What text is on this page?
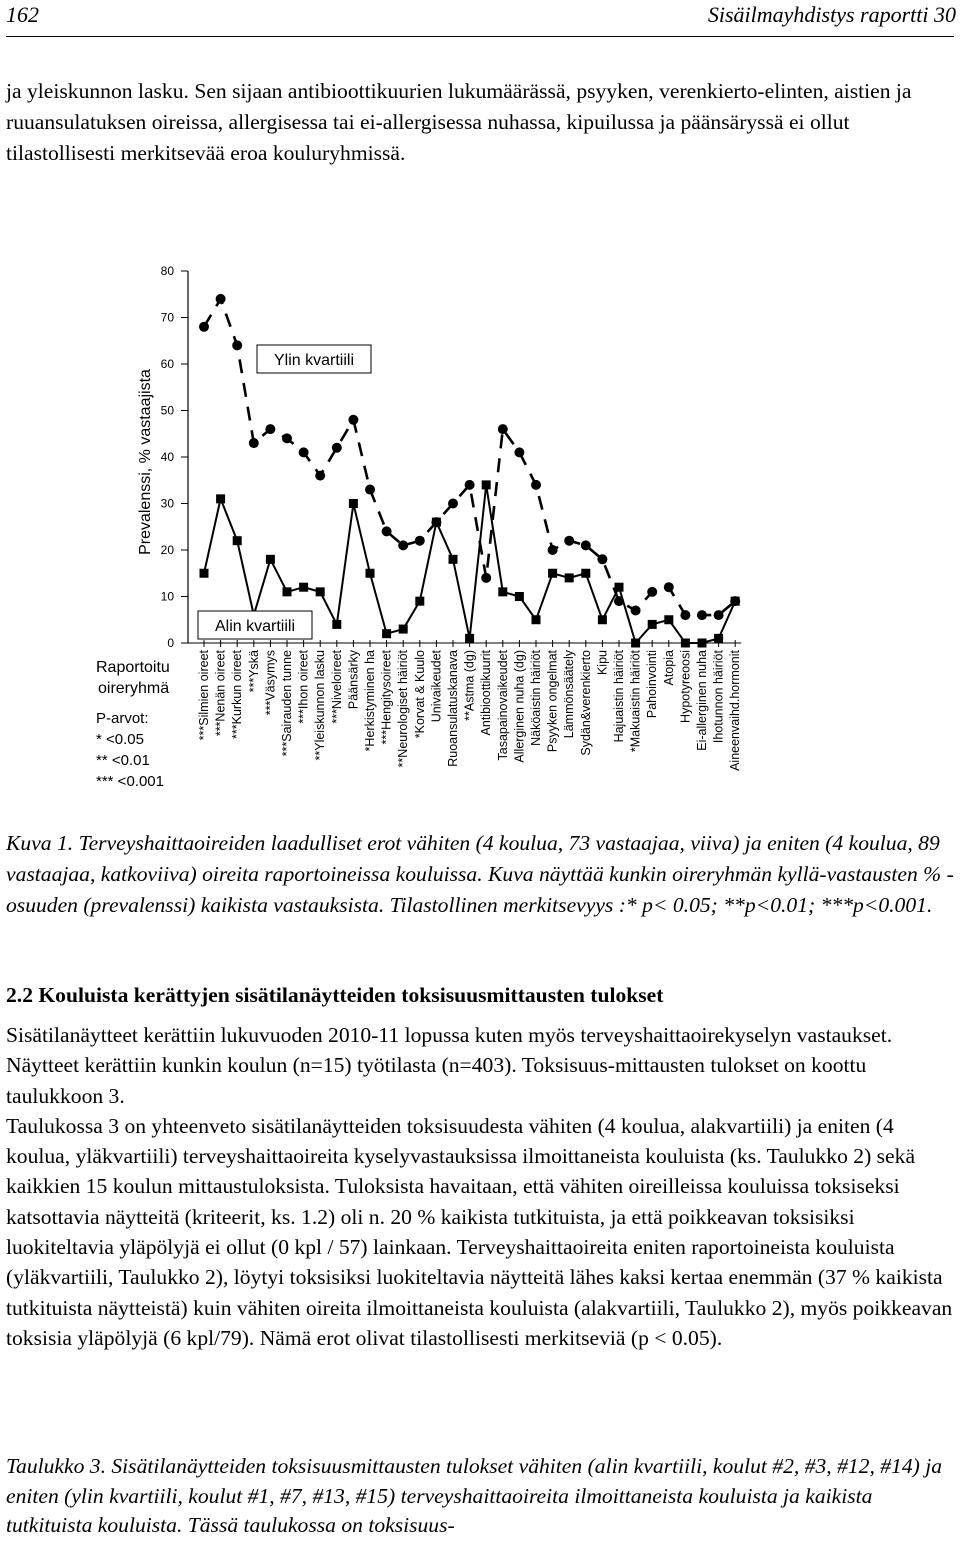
162	Sisäilmayhdistys raportti 30

ja yleiskunnon lasku. Sen sijaan antibioottikuurien lukumäärässä, psyyken, verenkierto-elinten, aistien ja ruuansulatuksen oireissa, allergisessa tai ei-allergisessa nuhassa, kipuilussa ja päänsäryssä ei ollut tilastollisesti merkitsevää eroa kouluryhmissä.

0
10
20
30
40
50
60
70
80
Prevalenssi, % vastaajista
***Silmien oireet ***Nenän oireet ***Kurkun oireet ***Yskä ***Väsymys ***Sairauden tunne ***Ihon oireet **Yleiskunnon lasku ***Niveloireet Päänsärky *Herkistyminen ha ***Hengitysoireet **Neurologiset häiriöt *Korvat & Kuulo Univaikeudet Ruoansulatuskanava **Astma (dg) Antibioottikuurit Tasapainovaikeudet Allerginen nuha (dg) Näköaistin häiriöt Psyyken ongelmat Lämmönsäätely Sydän&verenkierto Kipu Hajuaistin häiriöt *Makuaistin häiriöt Pahoinvointi Atopia Hypotyreoosi Ei-allerginen nuha Ihotunnon häiriöt Aineenvaihd.hormonit
Raportoitu
oireryhmä
P-arvot:
* <0.05
** <0.01
*** <0.001
Ylin kvartiili
Alin kvartiili

Kuva 1. Terveyshaittaoireiden laadulliset erot vähiten (4 koulua, 73 vastaajaa, viiva) ja eniten (4 koulua, 89 vastaajaa, katkoviiva) oireita raportoineissa kouluissa. Kuva näyttää kunkin oireryhmän kyllä-vastausten % -osuuden (prevalenssi) kaikista vastauksista. Tilastollinen merkitsevyys :* p< 0.05; **p<0.01; ***p<0.001.

2.2 Kouluista kerättyjen sisätilanäytteiden toksisuusmittausten tulokset

Sisätilanäytteet kerättiin lukuvuoden 2010-11 lopussa kuten myös terveyshaittaoirekyselyn vastaukset. Näytteet kerättiin kunkin koulun (n=15) työtilasta (n=403). Toksisuus-mittausten tulokset on koottu taulukkoon 3.

Taulukossa 3 on yhteenveto sisätilanäytteiden toksisuudesta vähiten (4 koulua, alakvartiili) ja eniten (4 koulua, yläkvartiili) terveyshaittaoireita kyselyvastauksissa ilmoittaneista kouluista (ks. Taulukko 2) sekä kaikkien 15 koulun mittaustuloksista. Tuloksista havaitaan, että vähiten oireilleissa kouluissa toksiseksi katsottavia näytteitä (kriteerit, ks. 1.2) oli n. 20 % kaikista tutkituista, ja että poikkeavan toksisiksi luokiteltavia yläpölyjä ei ollut (0 kpl / 57) lainkaan. Terveyshaittaoireita eniten raportoineista kouluista (yläkvartiili, Taulukko 2), löytyi toksisiksi luokiteltavia näytteitä lähes kaksi kertaa enemmän (37 % kaikista tutkituista näytteistä) kuin vähiten oireita ilmoittaneista kouluista (alakvartiili, Taulukko 2), myös poikkeavan toksisia yläpölyjä (6 kpl/79). Nämä erot olivat tilastollisesti merkitseviä (p < 0.05).

Taulukko 3. Sisätilanäytteiden toksisuusmittausten tulokset vähiten (alin kvartiili, koulut #2, #3, #12, #14) ja eniten (ylin kvartiili, koulut #1, #7, #13, #15) terveyshaittaoireita ilmoittaneista kouluista ja kaikista tutkituista kouluista. Tässä taulukossa on toksisuus-
